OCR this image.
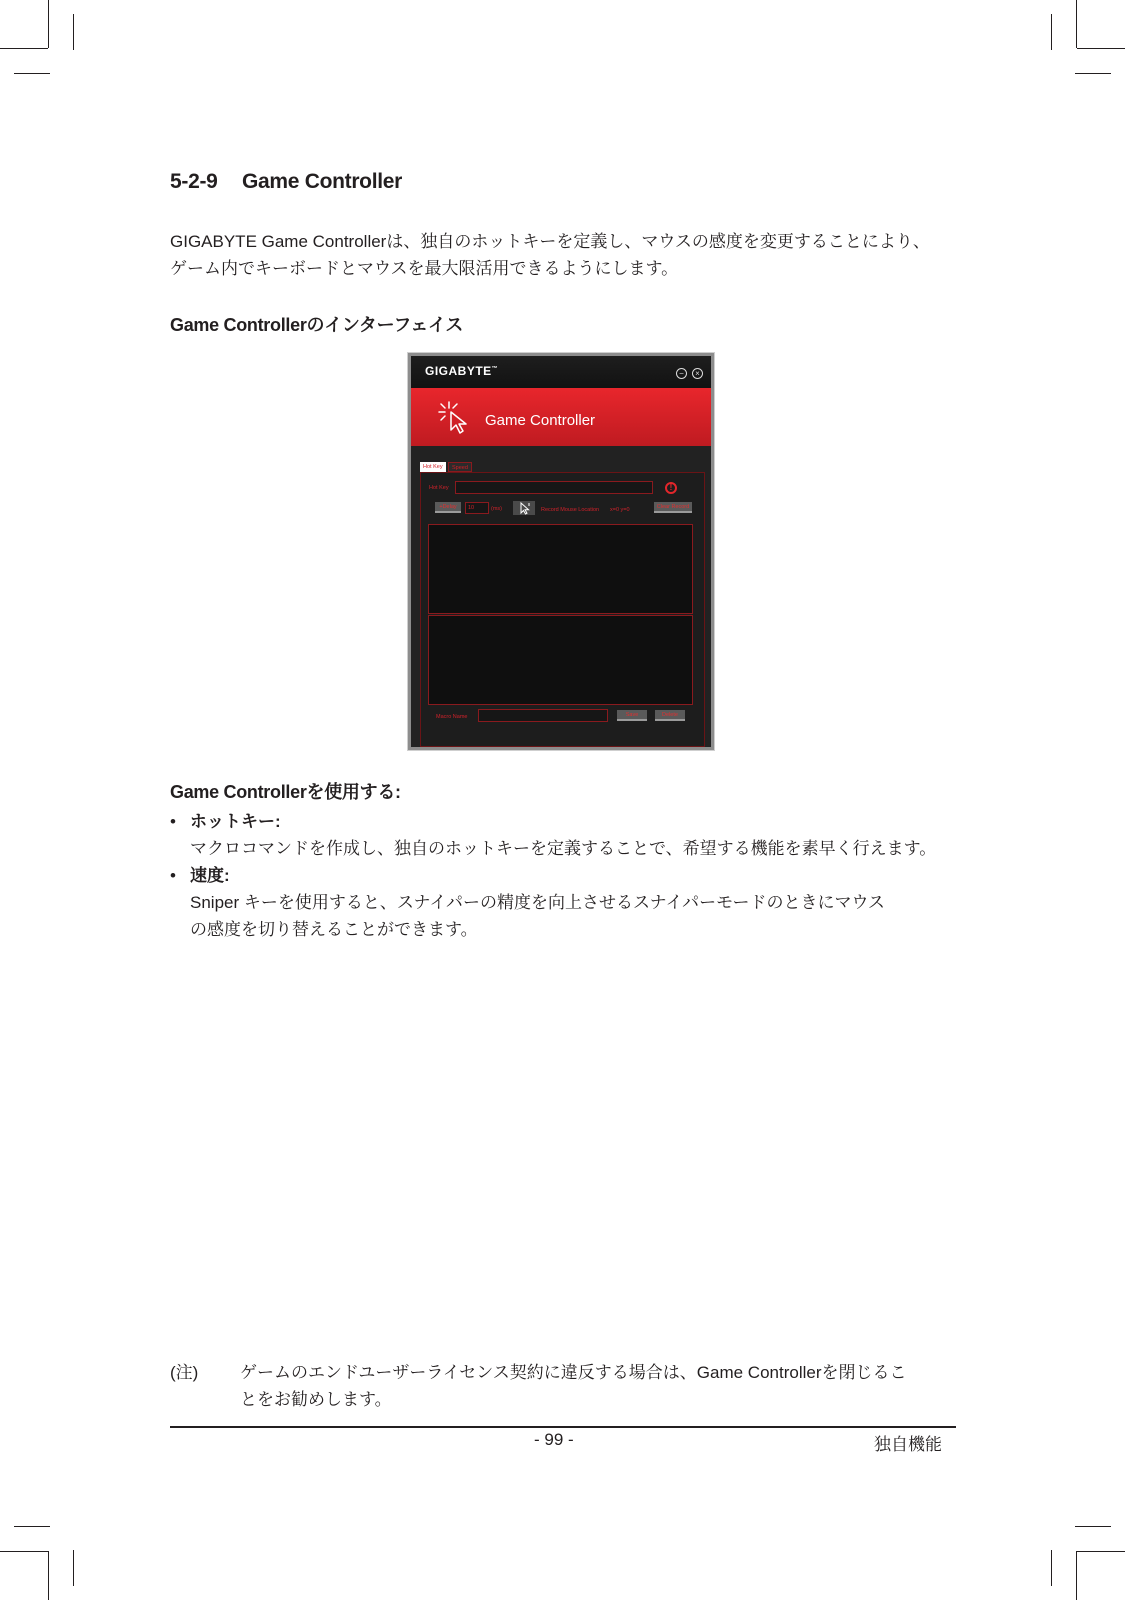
5-2-9 Game Controller
GIGABYTE Game Controllerは、独自のホットキーを定義し、マウスの感度を変更することにより、
ゲーム内でキーボードとマウスを最大限活用できるようにします。
Game Controllerのインターフェイス
GIGABYTE™	−	×
Game Controller
Hot Key	Speed
Hot Key	!
+Delay	10	(ms)	Record Mouse Location x=0 y=0	Clear Record
Macro Name	Save	Delete
Game Controllerを使用する:
• ホットキー:
マクロコマンドを作成し、独自のホットキーを定義することで、希望する機能を素早く行えます。
• 速度:
Sniper キーを使用すると、スナイパーの精度を向上させるスナイパーモードのときにマウス
の感度を切り替えることができます。
(注) ゲームのエンドユーザーライセンス契約に違反する場合は、Game Controllerを閉じるこ
とをお勧めします。
- 99 -	独自機能
